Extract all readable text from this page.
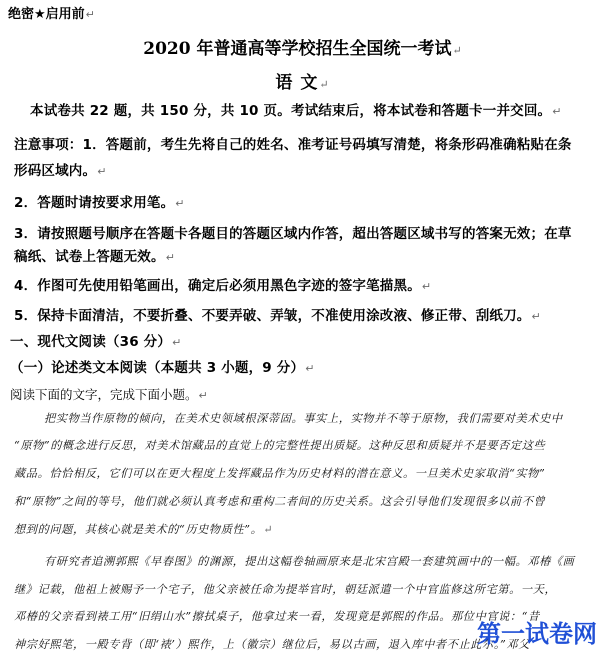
绝密★启用前↵
2020 年普通高等学校招生全国统一考试↵
语 文↵
本试卷共 22 题，共 150 分，共 10 页。考试结束后，将本试卷和答题卡一并交回。↵
注意事项：1．答题前，考生先将自己的姓名、准考证号码填写清楚，将条形码准确粘贴在条
形码区域内。↵
2．答题时请按要求用笔。↵
3．请按照题号顺序在答题卡各题目的答题区域内作答，超出答题区域书写的答案无效；在草
稿纸、试卷上答题无效。↵
4．作图可先使用铅笔画出，确定后必须用黑色字迹的签字笔描黑。↵
5．保持卡面清洁，不要折叠、不要弄破、弄皱，不准使用涂改液、修正带、刮纸刀。↵
一、现代文阅读（36 分）↵
（一）论述类文本阅读（本题共 3 小题，9 分）↵
阅读下面的文字，完成下面小题。↵
把实物当作原物的倾向，在美术史领域根深蒂固。事实上，实物并不等于原物，我们需要对美术史中
“原物”的概念进行反思，对美术馆藏品的直觉上的完整性提出质疑。这种反思和质疑并不是要否定这些
藏品。恰恰相反，它们可以在更大程度上发挥藏品作为历史材料的潜在意义。一旦美术史家取消“实物”
和“原物”之间的等号，他们就必须认真考虑和重构二者间的历史关系。这会引导他们发现很多以前不曾
想到的问题，其核心就是美术的“历史物质性”。↵
有研究者追溯郭熙《早春图》的渊源，提出这幅卷轴画原来是北宋宫殿一套建筑画中的一幅。邓椿《画
继》记载，他祖上被赐予一个宅子，他父亲被任命为提举官时，朝廷派遣一个中官监修这所宅第。一天，
邓椿的父亲看到裱工用“旧绢山水”擦拭桌子，他拿过来一看，发现竟是郭熙的作品。那位中官说：“昔
神宗好熙笔，一殿专背（即‘裱’）熙作，上（徽宗）继位后，易以古画，退入库中者不止此尔。”邓父
第一试卷网
